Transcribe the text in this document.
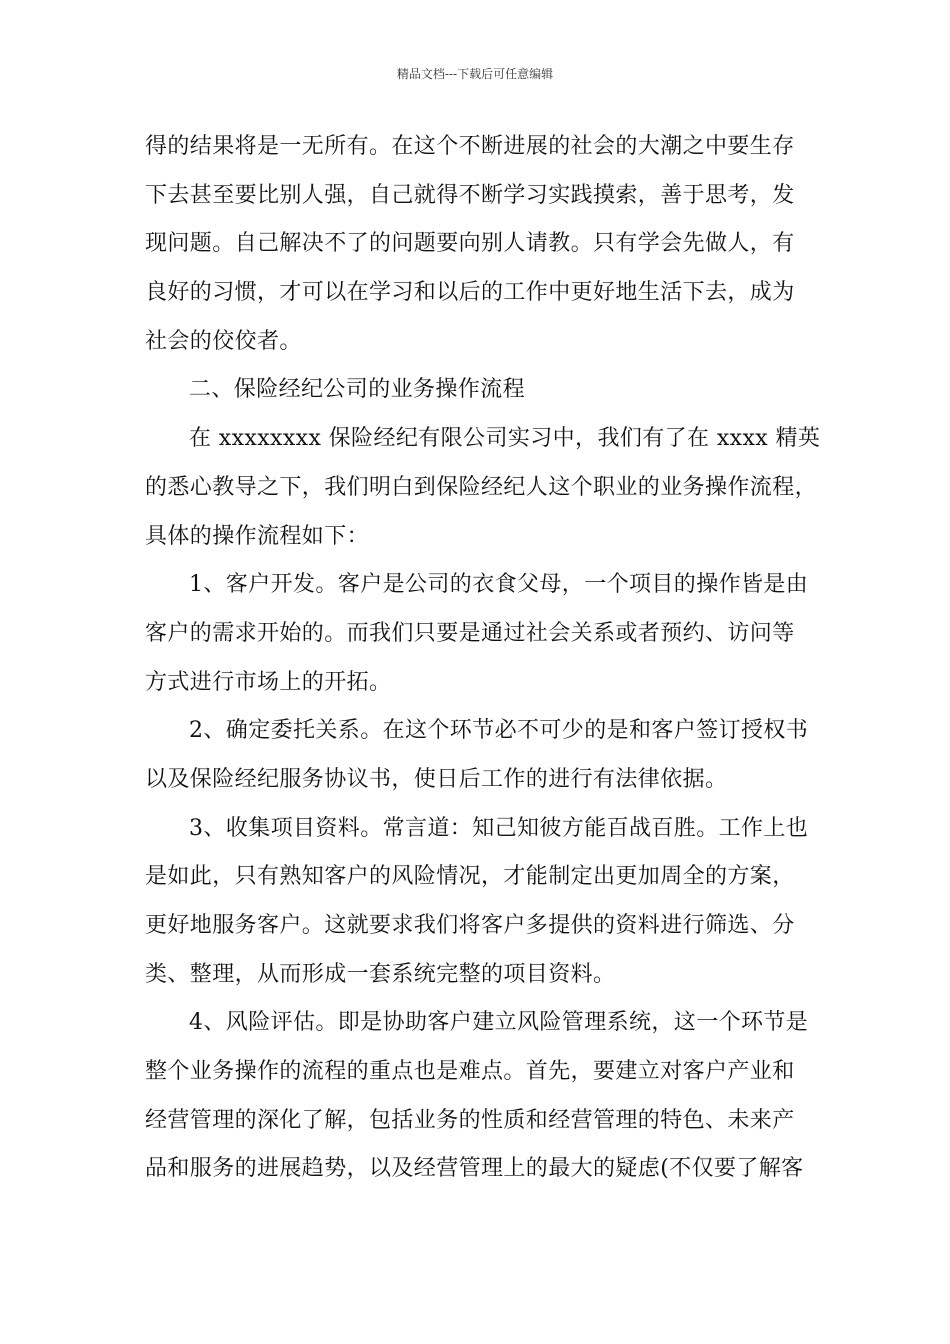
精品文档---下载后可任意编辑
得的结果将是一无所有。在这个不断进展的社会的大潮之中要生存
下去甚至要比别人强，自己就得不断学习实践摸索，善于思考，发
现问题。自己解决不了的问题要向别人请教。只有学会先做人，有
良好的习惯，才可以在学习和以后的工作中更好地生活下去，成为
社会的佼佼者。
二、保险经纪公司的业务操作流程
在 xxxxxxxx 保险经纪有限公司实习中，我们有了在 xxxx 精英
的悉心教导之下，我们明白到保险经纪人这个职业的业务操作流程，
具体的操作流程如下：
1、客户开发。客户是公司的衣食父母，一个项目的操作皆是由
客户的需求开始的。而我们只要是通过社会关系或者预约、访问等
方式进行市场上的开拓。
2、确定委托关系。在这个环节必不可少的是和客户签订授权书
以及保险经纪服务协议书，使日后工作的进行有法律依据。
3、收集项目资料。常言道：知己知彼方能百战百胜。工作上也
是如此，只有熟知客户的风险情况，才能制定出更加周全的方案，
更好地服务客户。这就要求我们将客户多提供的资料进行筛选、分
类、整理，从而形成一套系统完整的项目资料。
4、风险评估。即是协助客户建立风险管理系统，这一个环节是
整个业务操作的流程的重点也是难点。首先，要建立对客户产业和
经营管理的深化了解，包括业务的性质和经营管理的特色、未来产
品和服务的进展趋势，以及经营管理上的最大的疑虑(不仅要了解客
